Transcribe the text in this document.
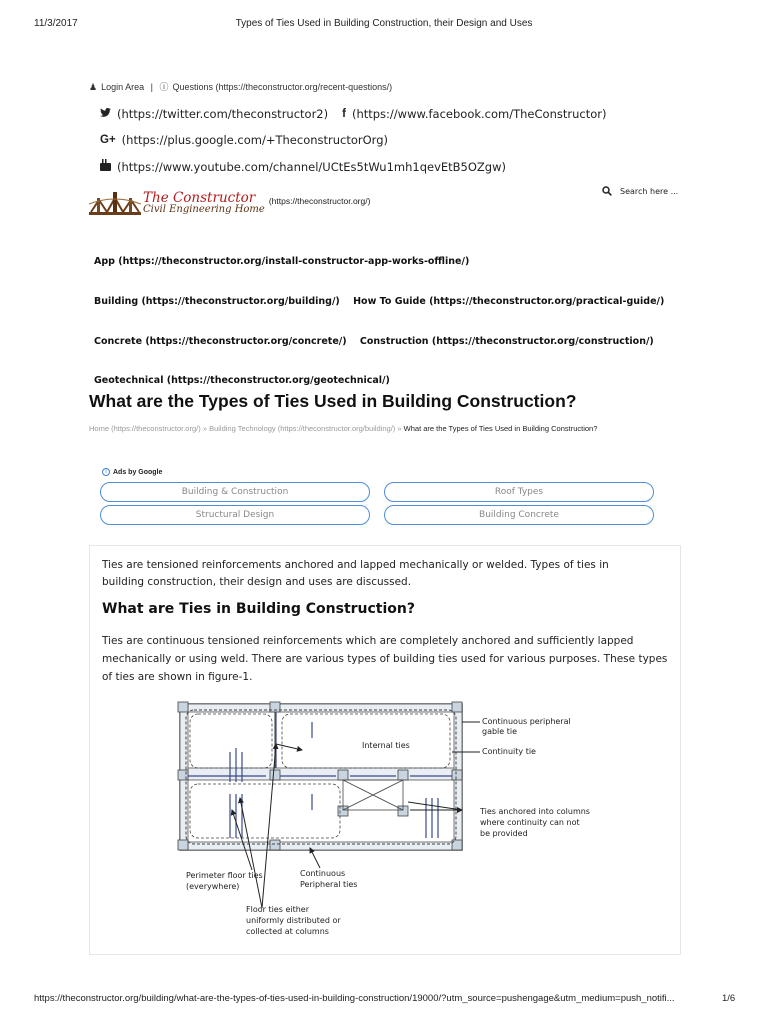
11/3/2017	Types of Ties Used in Building Construction, their Design and Uses
♟ Login Area | ⓘ Questions (https://theconstructor.org/recent-questions/)
(https://twitter.com/theconstructor2) f (https://www.facebook.com/TheConstructor)
G+ (https://plus.google.com/+TheconstructorOrg)
(https://www.youtube.com/channel/UCtEs5tWu1mh1qevEtB5OZgw)
The Constructor
Civil Engineering Home
(https://theconstructor.org/)
Search here ...
App (https://theconstructor.org/install-constructor-app-works-offline/)
Building (https://theconstructor.org/building/) How To Guide (https://theconstructor.org/practical-guide/)
Concrete (https://theconstructor.org/concrete/) Construction (https://theconstructor.org/construction/)
Geotechnical (https://theconstructor.org/geotechnical/)
What are the Types of Ties Used in Building Construction?
Home (https://theconstructor.org/) » Building Technology (https://theconstructor.org/building/) » What are the Types of Ties Used in Building Construction?
i Ads by Google
Building & Construction	Roof Types
Structural Design	Building Concrete

Ties are tensioned reinforcements anchored and lapped mechanically or welded. Types of ties in building construction, their design and uses are discussed.

What are Ties in Building Construction?

Ties are continuous tensioned reinforcements which are completely anchored and sufficiently lapped mechanically or using weld. There are various types of building ties used for various purposes. These types of ties are shown in figure-1.

Continuous peripheral
gable tie
Continuity tie
Internal ties
Ties anchored into columns
where continuity can not
be provided
Perimeter floor ties
(everywhere)
Continuous
Peripheral ties
Floor ties either
uniformly distributed or
collected at columns
https://theconstructor.org/building/what-are-the-types-of-ties-used-in-building-construction/19000/?utm_source=pushengage&utm_medium=push_notifi...	1/6
